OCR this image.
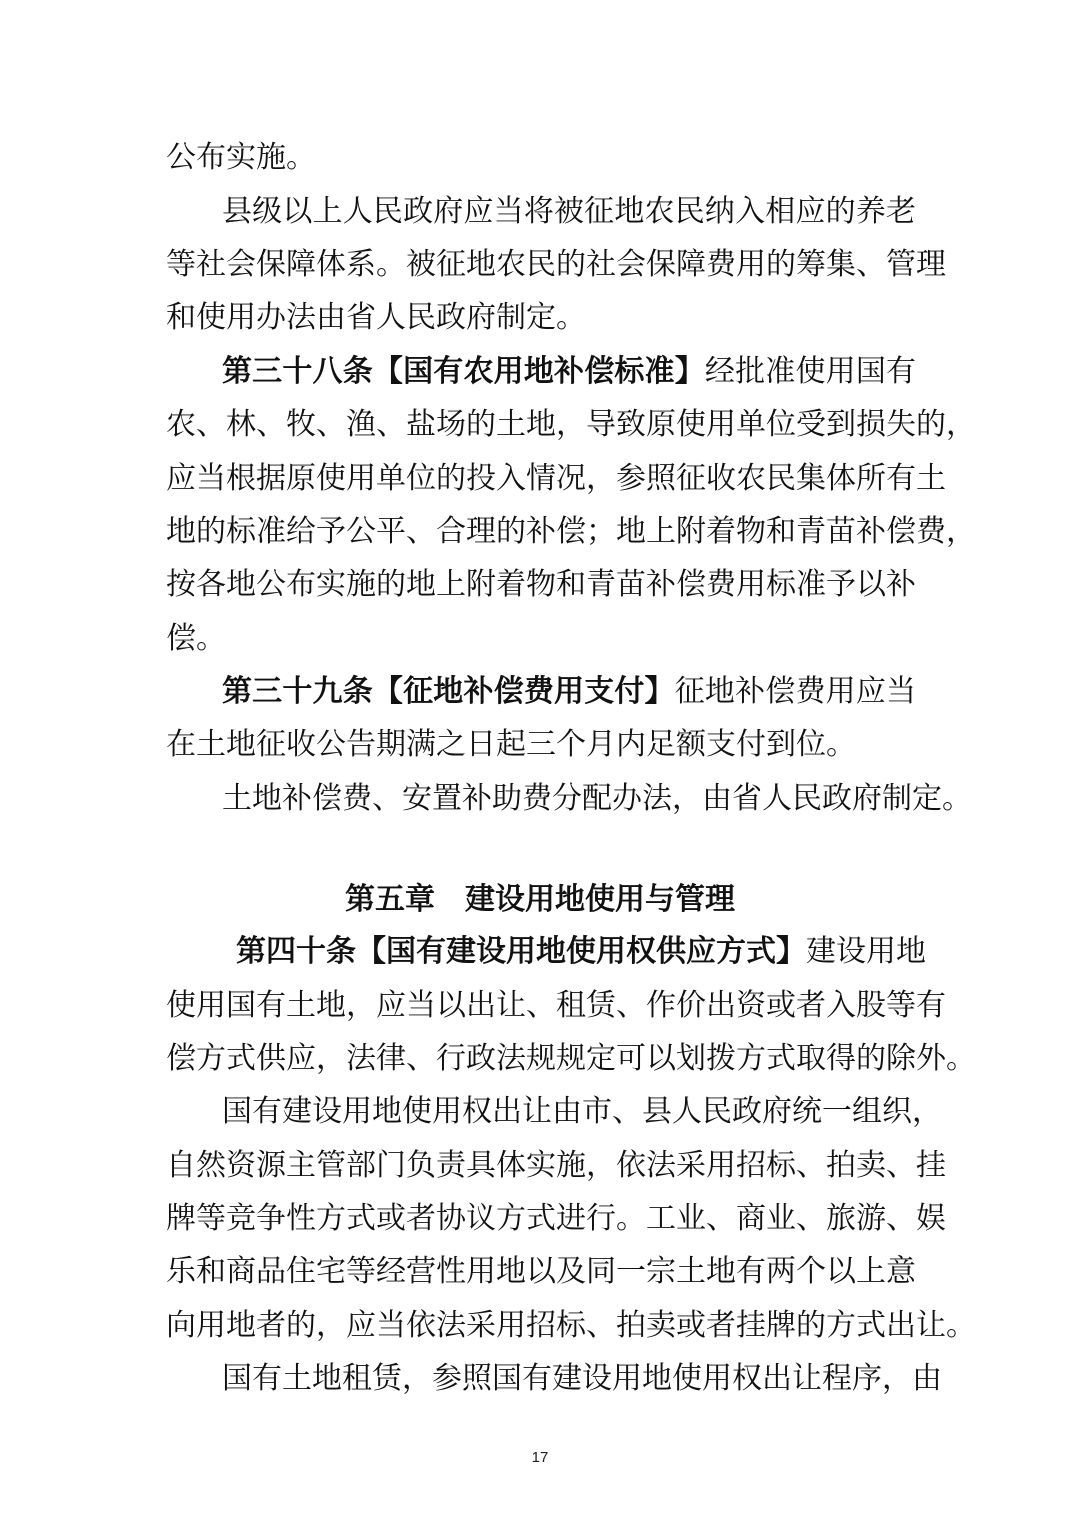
公布实施。
县级以上人民政府应当将被征地农民纳入相应的养老
等社会保障体系。被征地农民的社会保障费用的筹集、管理
和使用办法由省人民政府制定。
第三十八条【国有农用地补偿标准】经批准使用国有
农、林、牧、渔、盐场的土地，导致原使用单位受到损失的，
应当根据原使用单位的投入情况，参照征收农民集体所有土
地的标准给予公平、合理的补偿；地上附着物和青苗补偿费，
按各地公布实施的地上附着物和青苗补偿费用标准予以补
偿。
第三十九条【征地补偿费用支付】征地补偿费用应当
在土地征收公告期满之日起三个月内足额支付到位。
土地补偿费、安置补助费分配办法，由省人民政府制定。
第五章 建设用地使用与管理
第四十条【国有建设用地使用权供应方式】建设用地
使用国有土地，应当以出让、租赁、作价出资或者入股等有
偿方式供应，法律、行政法规规定可以划拨方式取得的除外。
国有建设用地使用权出让由市、县人民政府统一组织，
自然资源主管部门负责具体实施，依法采用招标、拍卖、挂
牌等竞争性方式或者协议方式进行。工业、商业、旅游、娱
乐和商品住宅等经营性用地以及同一宗土地有两个以上意
向用地者的，应当依法采用招标、拍卖或者挂牌的方式出让。
国有土地租赁，参照国有建设用地使用权出让程序，由
17
